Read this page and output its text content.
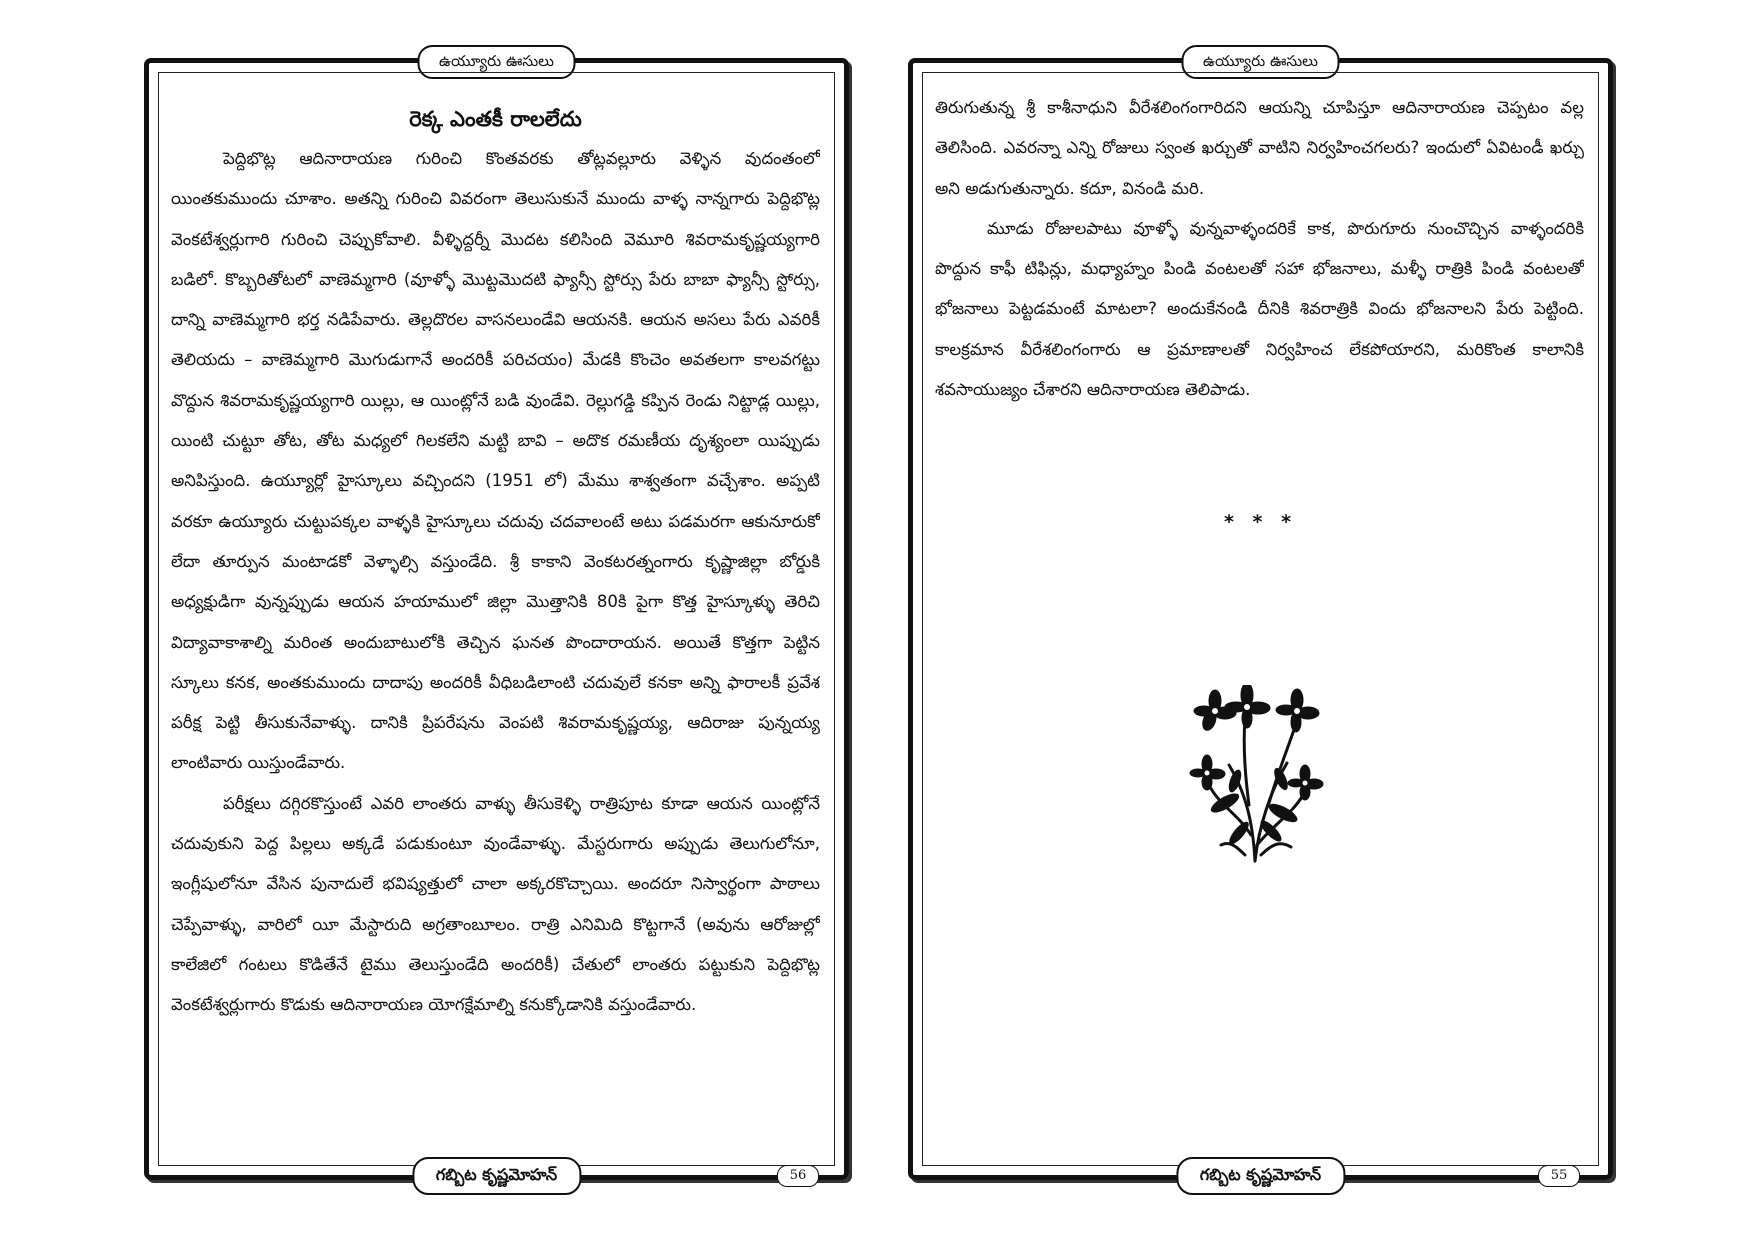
ఉయ్యూరు ఊసులు
రెక్క ఎంతకీ రాలలేదు

పెద్దిభొట్ల ఆదినారాయణ గురించి కొంతవరకు తోట్లవల్లూరు వెళ్ళిన వుదంతంలో యింతకుముందు చూశాం. అతన్ని గురించి వివరంగా తెలుసుకునే ముందు వాళ్ళ నాన్నగారు పెద్దిభొట్ల వెంకటేశ్వర్లుగారి గురించి చెప్పుకోవాలి. వీళ్ళిద్దర్నీ మొదట కలిసింది వెమూరి శివరామకృష్ణయ్యగారి బడిలో. కొబ్బరితోటలో వాణెమ్మగారి (వూళ్ళో మొట్టమొదటి ఫ్యాన్సీ స్టోర్సు పేరు బాబా ఫ్యాన్సీ స్టోర్సు, దాన్ని వాణెమ్మగారి భర్త నడిపేవారు. తెల్లదొరల వాసనలుండేవి ఆయనకి. ఆయన అసలు పేరు ఎవరికీ తెలియదు – వాణెమ్మగారి మొగుడుగానే అందరికీ పరిచయం) మేడకి కొంచెం అవతలగా కాలవగట్టు వొద్దున శివరామకృష్ణయ్యగారి యిల్లు, ఆ యింట్లోనే బడి వుండేవి. రెల్లుగడ్డి కప్పిన రెండు నిట్టాడ్ల యిల్లు, యింటి చుట్టూ తోట, తోట మధ్యలో గిలకలేని మట్టి బావి – అదొక రమణీయ దృశ్యంలా యిప్పుడు అనిపిస్తుంది. ఉయ్యూర్లో హైస్కూలు వచ్చిందని (1951 లో) మేము శాశ్వతంగా వచ్చేశాం. అప్పటి వరకూ ఉయ్యూరు చుట్టుపక్కల వాళ్ళకి హైస్కూలు చదువు చదవాలంటే అటు పడమరగా ఆకునూరుకో లేదా తూర్పున మంటాడకో వెళ్ళాల్సి వస్తుండేది. శ్రీ కాకాని వెంకటరత్నంగారు కృష్ణాజిల్లా బోర్డుకి అధ్యక్షుడిగా వున్నప్పుడు ఆయన హయాములో జిల్లా మొత్తానికి 80కి పైగా కొత్త హైస్కూళ్ళు తెరిచి విద్యావాకాశాల్ని మరింత అందుబాటులోకి తెచ్చిన ఘనత పొందారాయన. అయితే కొత్తగా పెట్టిన స్కూలు కనక, అంతకుముందు దాదాపు అందరికీ వీధిబడిలాంటి చదువులే కనకా అన్ని ఫారాలకీ ప్రవేశ పరీక్ష పెట్టి తీసుకునేవాళ్ళు. దానికి ప్రిపరేషను వెంపటి శివరామకృష్ణయ్య, ఆదిరాజు పున్నయ్య లాంటివారు యిస్తుండేవారు.

పరీక్షలు దగ్గిరకొస్తుంటే ఎవరి లాంతరు వాళ్ళు తీసుకెళ్ళి రాత్రిపూట కూడా ఆయన యింట్లోనే చదువుకుని పెద్ద పిల్లలు అక్కడే పడుకుంటూ వుండేవాళ్ళు. మేస్టరుగారు అప్పుడు తెలుగులోనూ, ఇంగ్లీషులోనూ వేసిన పునాదులే భవిష్యత్తులో చాలా అక్కరకొచ్చాయి. అందరూ నిస్వార్థంగా పాఠాలు చెప్పేవాళ్ళు, వారిలో యీ మేస్టారుది అగ్రతాంబూలం. రాత్రి ఎనిమిది కొట్టగానే (అవును ఆరోజుల్లో కాలేజిలో గంటలు కొడితేనే టైము తెలుస్తుండేది అందరికీ) చేతులో లాంతరు పట్టుకుని పెద్దిభొట్ల వెంకటేశ్వర్లుగారు కొడుకు ఆదినారాయణ యోగక్షేమాల్ని కనుక్కోడానికి వస్తుండేవారు.

గబ్బిట కృష్ణమోహన్	56
ఉయ్యూరు ఊసులు

తిరుగుతున్న శ్రీ కాశీనాధుని వీరేశలింగంగారిదని ఆయన్ని చూపిస్తూ ఆదినారాయణ చెప్పటం వల్ల తెలిసింది. ఎవరన్నా ఎన్ని రోజులు స్వంత ఖర్చుతో వాటిని నిర్వహించగలరు? ఇందులో ఏవిటండీ ఖర్చు అని అడుగుతున్నారు. కదూ, వినండి మరి.

మూడు రోజులపాటు వూళ్ళో వున్నవాళ్ళందరికే కాక, పొరుగూరు నుంచొచ్చిన వాళ్ళందరికి పొద్దున కాఫీ టిఫిన్లు, మధ్యాహ్నం పిండి వంటలతో సహా భోజనాలు, మళ్ళీ రాత్రికి పిండి వంటలతో భోజనాలు పెట్టడమంటే మాటలా? అందుకేనండి దీనికి శివరాత్రికి విందు భోజనాలని పేరు పెట్టింది. కాలక్రమాన వీరేశలింగంగారు ఆ ప్రమాణాలతో నిర్వహించ లేకపోయారని, మరికొంత కాలానికి శవసాయుజ్యం చేశారని ఆదినారాయణ తెలిపాడు.

* * *
గబ్బిట కృష్ణమోహన్	55
